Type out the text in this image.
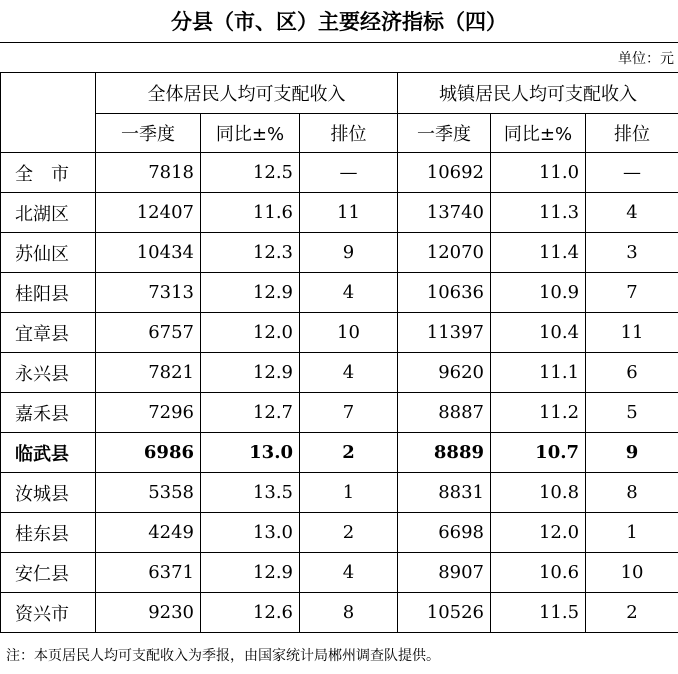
分县（市、区）主要经济指标（四）
单位：元
	全体居民人均可支配收入			城镇居民人均可支配收入		
	一季度	同比±%	排位	一季度	同比±%	排位
全　市	7818	12.5	—	10692	11.0	—
北湖区	12407	11.6	11	13740	11.3	4
苏仙区	10434	12.3	9	12070	11.4	3
桂阳县	7313	12.9	4	10636	10.9	7
宜章县	6757	12.0	10	11397	10.4	11
永兴县	7821	12.9	4	9620	11.1	6
嘉禾县	7296	12.7	7	8887	11.2	5
临武县	6986	13.0	2	8889	10.7	9
汝城县	5358	13.5	1	8831	10.8	8
桂东县	4249	13.0	2	6698	12.0	1
安仁县	6371	12.9	4	8907	10.6	10
资兴市	9230	12.6	8	10526	11.5	2
注：本页居民人均可支配收入为季报，由国家统计局郴州调查队提供。
